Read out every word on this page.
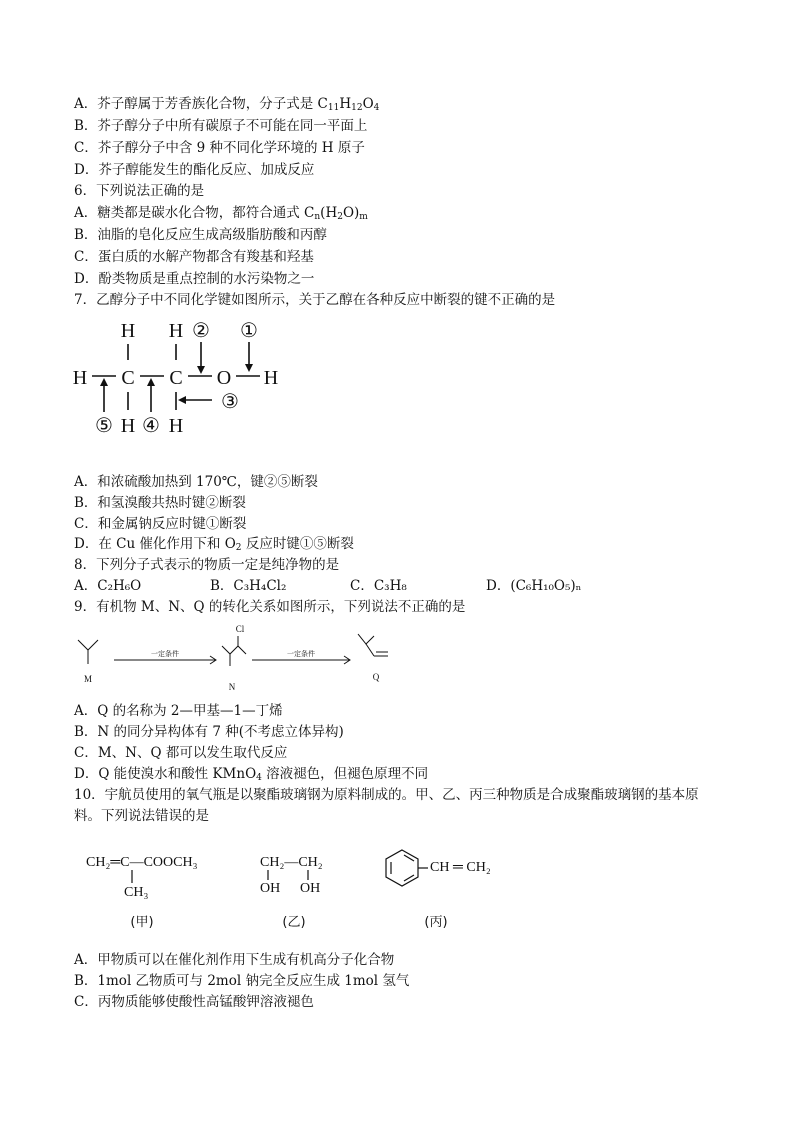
A．芥子醇属于芳香族化合物，分子式是 $C_{11}H_{12}O_4$
B．芥子醇分子中所有碳原子不可能在同一平面上
C．芥子醇分子中含 9 种不同化学环境的 H 原子
D．芥子醇能发生的酯化反应、加成反应
6．下列说法正确的是
A．糖类都是碳水化合物，都符合通式 $C_n(H_2O)_m$
B．油脂的皂化反应生成高级脂肪酸和丙醇
C．蛋白质的水解产物都含有羧基和羟基
D．酚类物质是重点控制的水污染物之一
7．乙醇分子中不同化学键如图所示，关于乙醇在各种反应中断裂的键不正确的是
H H ② ①
H C C O H
③
⑤ H ④ H
A．和浓硫酸加热到 170℃，键②⑤断裂
B．和氢溴酸共热时键②断裂
C．和金属钠反应时键①断裂
D．在 Cu 催化作用下和 $O_2$ 反应时键①⑤断裂
8．下列分子式表示的物质一定是纯净物的是
A．C₂H₆O	B．C₃H₄Cl₂	C．C₃H₈	D．(C₆H₁₀O₅)ₙ
9．有机物 M、N、Q 的转化关系如图所示，下列说法不正确的是
M
N
Q
Cl
一定条件	一定条件
A．Q 的名称为 2—甲基—1—丁烯
B．N 的同分异构体有 7 种(不考虑立体异构)
C．M、N、Q 都可以发生取代反应
D．Q 能使溴水和酸性 KMnO$_4$ 溶液褪色，但褪色原理不同
10．宇航员使用的氧气瓶是以聚酯玻璃钢为原料制成的。甲、乙、丙三种物质是合成聚酯玻璃钢的基本原
料。下列说法错误的是
CH₂═C—COOCH₃
CH₃
CH₂—CH₂
OH OH
CH ═ CH₂
(甲)	(乙)	(丙)
A．甲物质可以在催化剂作用下生成有机高分子化合物
B．1mol 乙物质可与 2mol 钠完全反应生成 1mol 氢气
C．丙物质能够使酸性高锰酸钾溶液褪色
